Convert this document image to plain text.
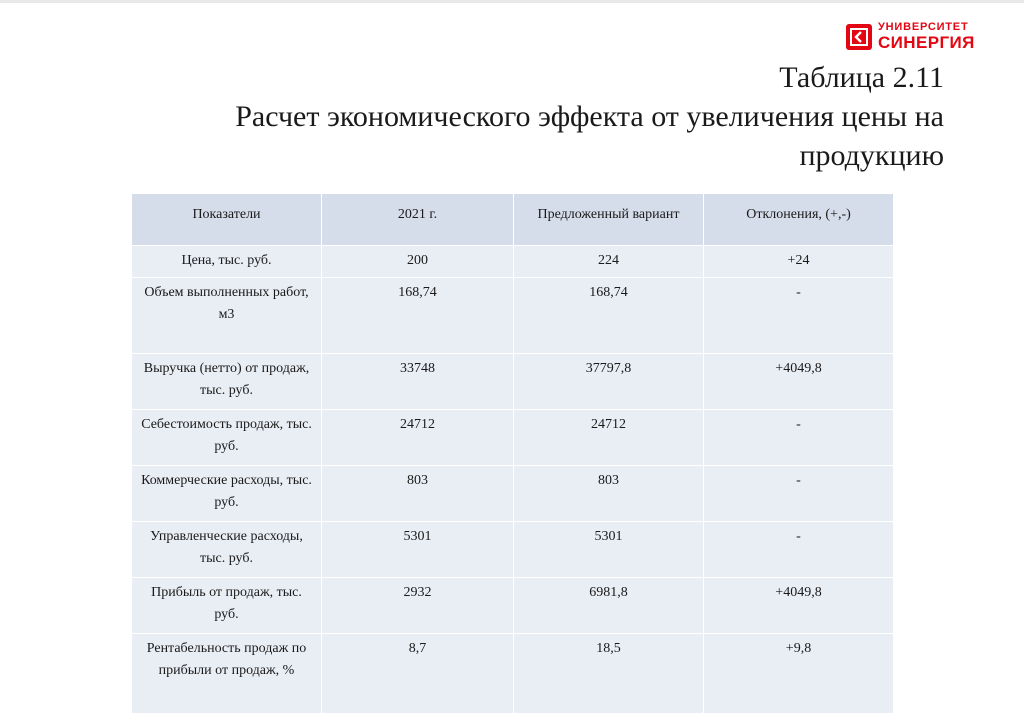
УНИВЕРСИТЕТ
СИНЕРГИЯ
Таблица 2.11
Расчет экономического эффекта от увеличения цены на
продукцию
Показатели	2021 г.	Предложенный вариант	Отклонения, (+,-)
Цена, тыс. руб.	200	224	+24
Объем выполненных работ, м3	168,74	168,74	-
Выручка (нетто) от продаж, тыс. руб.	33748	37797,8	+4049,8
Себестоимость продаж, тыс. руб.	24712	24712	-
Коммерческие расходы, тыс. руб.	803	803	-
Управленческие расходы, тыс. руб.	5301	5301	-
Прибыль от продаж, тыс. руб.	2932	6981,8	+4049,8
Рентабельность продаж по прибыли от продаж, %	8,7	18,5	+9,8
